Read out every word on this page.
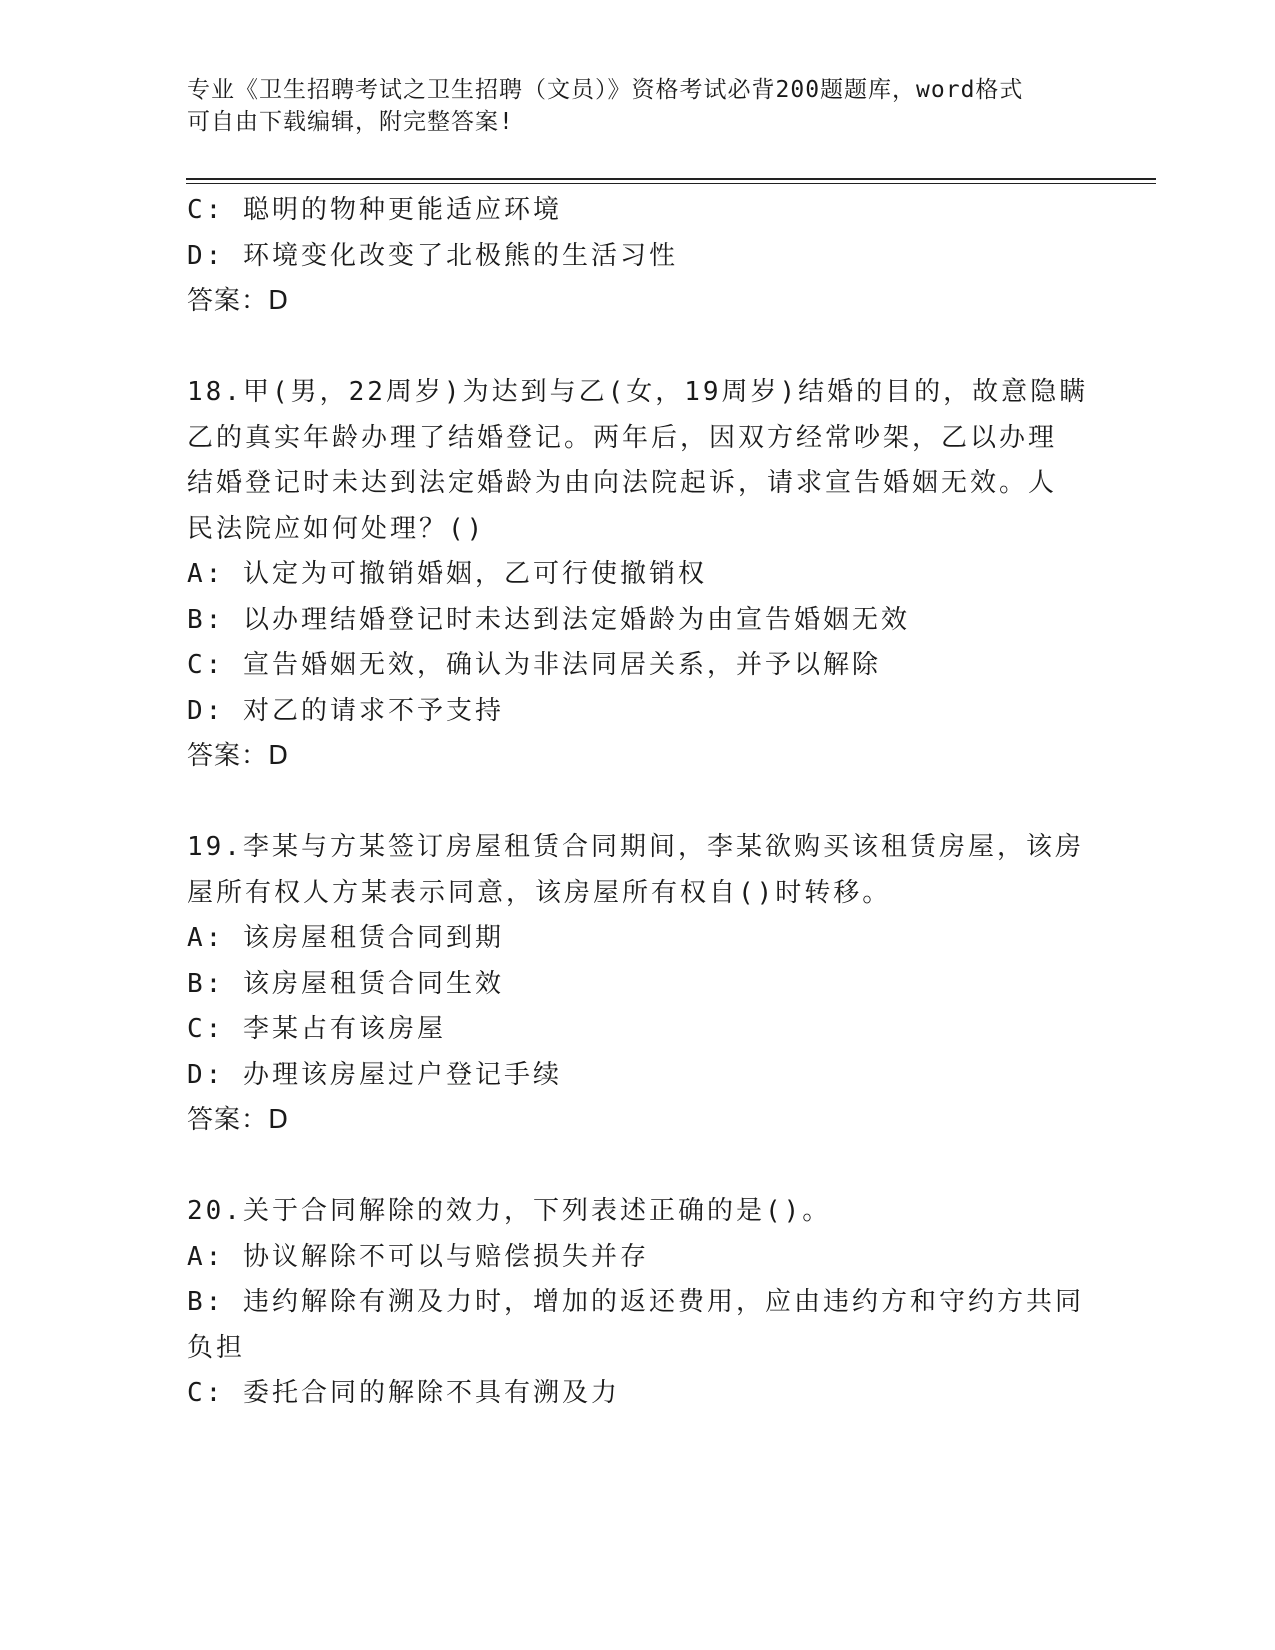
专业《卫生招聘考试之卫生招聘（文员）》资格考试必背200题题库，word格式
可自由下载编辑，附完整答案!
C: 聪明的物种更能适应环境
D: 环境变化改变了北极熊的生活习性
答案：D
18.甲(男，22周岁)为达到与乙(女，19周岁)结婚的目的，故意隐瞒
乙的真实年龄办理了结婚登记。两年后，因双方经常吵架，乙以办理
结婚登记时未达到法定婚龄为由向法院起诉，请求宣告婚姻无效。人
民法院应如何处理？()
A: 认定为可撤销婚姻，乙可行使撤销权
B: 以办理结婚登记时未达到法定婚龄为由宣告婚姻无效
C: 宣告婚姻无效，确认为非法同居关系，并予以解除
D: 对乙的请求不予支持
答案：D
19.李某与方某签订房屋租赁合同期间，李某欲购买该租赁房屋，该房
屋所有权人方某表示同意，该房屋所有权自()时转移。
A: 该房屋租赁合同到期
B: 该房屋租赁合同生效
C: 李某占有该房屋
D: 办理该房屋过户登记手续
答案：D
20.关于合同解除的效力，下列表述正确的是()。
A: 协议解除不可以与赔偿损失并存
B: 违约解除有溯及力时，增加的返还费用，应由违约方和守约方共同
负担
C: 委托合同的解除不具有溯及力
